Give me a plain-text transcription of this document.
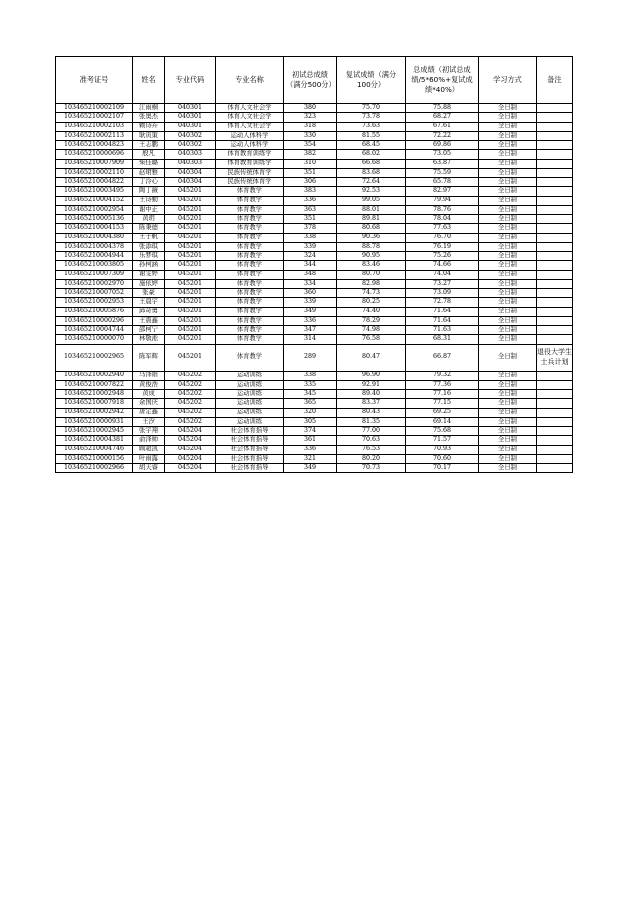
准考证号	姓名	专业代码	专业名称	初试总成绩（满分500分）	复试成绩（满分100分）	总成绩（初试总成绩/5*60%+复试成绩*40%）	学习方式	备注
103465210002109	江雨桐	040301	体育人文社会学	380	75.70	75.88	全日制	
103465210002107	张奥杰	040301	体育人文社会学	323	73.78	68.27	全日制	
103465210002103	赖诗卉	040301	体育人文社会学	318	73.63	67.61	全日制	
103465210002113	耿寅策	040302	运动人体科学	330	81.55	72.22	全日制	
103465210004823	王志鹏	040302	运动人体科学	354	68.45	69.86	全日制	
103465210000696	殷凡	040303	体育教育训练学	382	68.02	73.05	全日制	
103465210007909	柴佳璐	040303	体育教育训练学	310	66.68	63.87	全日制	
103465210002110	赵珺雅	040304	民族传统体育学	351	83.68	75.59	全日制	
103465210004822	丁泠心	040304	民族传统体育学	306	72.64	65.78	全日制	
103465210003495	陶丁薇	045201	体育教学	383	92.53	82.97	全日制	
103465210004152	王诗勤	045201	体育教学	336	99.05	79.94	全日制	
103465210002954	谢中正	045201	体育教学	363	88.01	78.76	全日制	
103465210005136	黄玥	045201	体育教学	351	89.81	78.04	全日制	
103465210004153	陈秉德	045201	体育教学	378	80.68	77.63	全日制	
103465210004380	王子帆	045201	体育教学	338	90.36	76.70	全日制	
103465210004378	张添琪	045201	体育教学	339	88.78	76.19	全日制	
103465210004944	乐梦琪	045201	体育教学	324	90.95	75.26	全日制	
103465210003805	孙柯涵	045201	体育教学	344	83.46	74.66	全日制	
103465210007309	谢雯婷	045201	体育教学	348	80.70	74.04	全日制	
103465210002970	施依婷	045201	体育教学	334	82.98	73.27	全日制	
103465210007052	张豪	045201	体育教学	360	74.73	73.09	全日制	
103465210002953	王晨宇	045201	体育教学	339	80.25	72.78	全日制	
103465210005876	邱奇勇	045201	体育教学	349	74.40	71.64	全日制	
103465210000296	王震鑫	045201	体育教学	336	78.29	71.64	全日制	
103465210004744	邵柯宁	045201	体育教学	347	74.98	71.63	全日制	
103465210000070	林敬淞	045201	体育教学	314	76.58	68.31	全日制	
103465210002965	陈军辉	045201	体育教学	289	80.47	66.87	全日制	退役大学生士兵计划
103465210002940	马泽锴	045202	运动训练	338	96.90	79.32	全日制	
103465210007822	黄俊浩	045202	运动训练	335	92.91	77.36	全日制	
103465210002948	黄成	045202	运动训练	345	89.40	77.16	全日制	
103465210007918	余国庆	045202	运动训练	365	83.37	77.15	全日制	
103465210002942	唐定鑫	045202	运动训练	320	80.43	69.25	全日制	
103465210000931	王汐	045202	运动训练	305	81.35	69.14	全日制	
103465210002945	张宇翔	045204	社会体育指导	374	77.00	75.68	全日制	
103465210004381	俞泽帅	045204	社会体育指导	361	70.63	71.57	全日制	
103465210004746	顾超凯	045204	社会体育指导	336	76.53	70.93	全日制	
103465210000156	叶雨露	045204	社会体育指导	321	80.20	70.60	全日制	
103465210002966	胡天睿	045204	社会体育指导	349	70.73	70.17	全日制	
